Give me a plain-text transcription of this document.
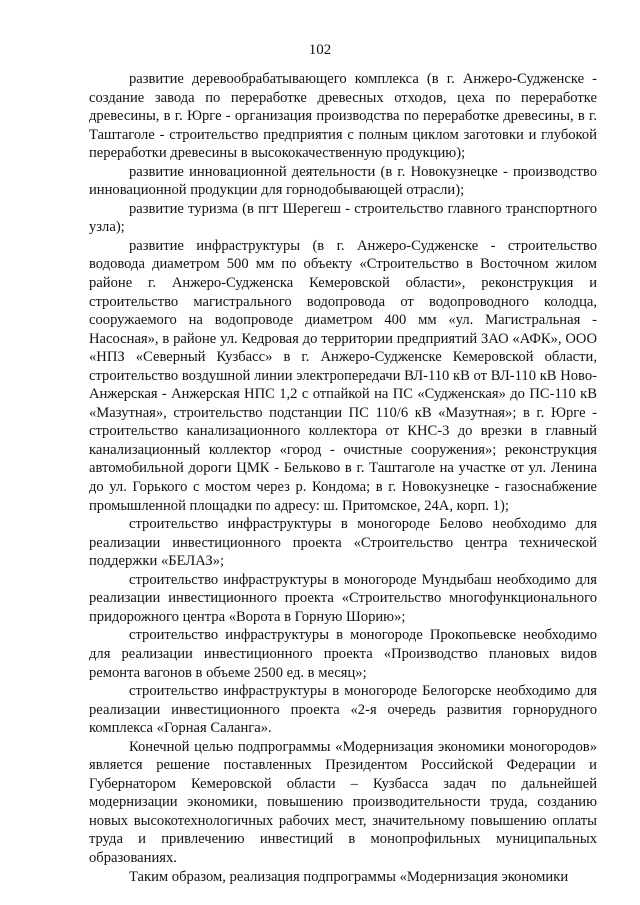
102

развитие деревообрабатывающего комплекса (в г. Анжеро-Судженске - создание завода по переработке древесных отходов, цеха по переработке древесины, в г. Юрге - организация производства по переработке древесины, в г. Таштаголе - строительство предприятия с полным циклом заготовки и глубокой переработки древесины в высококачественную продукцию);

развитие инновационной деятельности (в г. Новокузнецке - производство инновационной продукции для горнодобывающей отрасли);

развитие туризма (в пгт Шерегеш - строительство главного транспортного узла);

развитие инфраструктуры (в г. Анжеро-Судженске - строительство водовода диаметром 500 мм по объекту «Строительство в Восточном жилом районе г. Анжеро-Судженска Кемеровской области», реконструкция и строительство магистрального водопровода от водопроводного колодца, сооружаемого на водопроводе диаметром 400 мм «ул. Магистральная - Насосная», в районе ул. Кедровая до территории предприятий ЗАО «АФК», ООО «НПЗ «Северный Кузбасс» в г. Анжеро-Судженске Кемеровской области, строительство воздушной линии электропередачи ВЛ-110 кВ от ВЛ-110 кВ Ново-Анжерская - Анжерская НПС 1,2 с отпайкой на ПС «Судженская» до ПС-110 кВ «Мазутная», строительство подстанции ПС 110/6 кВ «Мазутная»; в г. Юрге - строительство канализационного коллектора от КНС-3 до врезки в главный канализационный коллектор «город - очистные сооружения»; реконструкция автомобильной дороги ЦМК - Бельково в г. Таштаголе на участке от ул. Ленина до ул. Горького с мостом через р. Кондома; в г. Новокузнецке - газоснабжение промышленной площадки по адресу: ш. Притомское, 24А, корп. 1);

строительство инфраструктуры в моногороде Белово необходимо для реализации инвестиционного проекта «Строительство центра технической поддержки «БЕЛАЗ»;

строительство инфраструктуры в моногороде Мундыбаш необходимо для реализации инвестиционного проекта «Строительство многофункционального придорожного центра «Ворота в Горную Шорию»;

строительство инфраструктуры в моногороде Прокопьевске необходимо для реализации инвестиционного проекта «Производство плановых видов ремонта вагонов в объеме 2500 ед. в месяц»;

строительство инфраструктуры в моногороде Белогорске необходимо для реализации инвестиционного проекта «2-я очередь развития горнорудного комплекса «Горная Саланга».

Конечной целью подпрограммы «Модернизация экономики моногородов» является решение поставленных Президентом Российской Федерации и Губернатором Кемеровской области – Кузбасса задач по дальнейшей модернизации экономики, повышению производительности труда, созданию новых высокотехнологичных рабочих мест, значительному повышению оплаты труда и привлечению инвестиций в монопрофильных муниципальных образованиях.

Таким образом, реализация подпрограммы «Модернизация экономики
